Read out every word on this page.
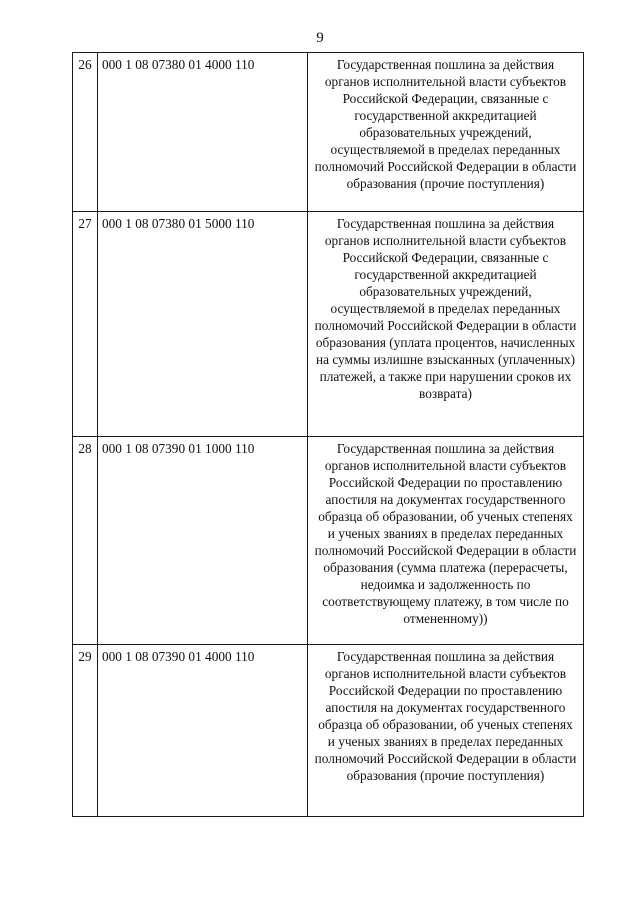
9
26	000 1 08 07380 01 4000 110	Государственная пошлина за действия органов исполнительной власти субъектов Российской Федерации, связанные с государственной аккредитацией образовательных учреждений, осуществляемой в пределах переданных полномочий Российской Федерации в области образования (прочие поступления)
27	000 1 08 07380 01 5000 110	Государственная пошлина за действия органов исполнительной власти субъектов Российской Федерации, связанные с государственной аккредитацией образовательных учреждений, осуществляемой в пределах переданных полномочий Российской Федерации в области образования (уплата процентов, начисленных на суммы излишне взысканных (уплаченных) платежей, а также при нарушении сроков их возврата)
28	000 1 08 07390 01 1000 110	Государственная пошлина за действия органов исполнительной власти субъектов Российской Федерации по проставлению апостиля на документах государственного образца об образовании, об ученых степенях и ученых званиях в пределах переданных полномочий Российской Федерации в области образования (сумма платежа (перерасчеты, недоимка и задолженность по соответствующему платежу, в том числе по отмененному))
29	000 1 08 07390 01 4000 110	Государственная пошлина за действия органов исполнительной власти субъектов Российской Федерации по проставлению апостиля на документах государственного образца об образовании, об ученых степенях и ученых званиях в пределах переданных полномочий Российской Федерации в области образования (прочие поступления)
